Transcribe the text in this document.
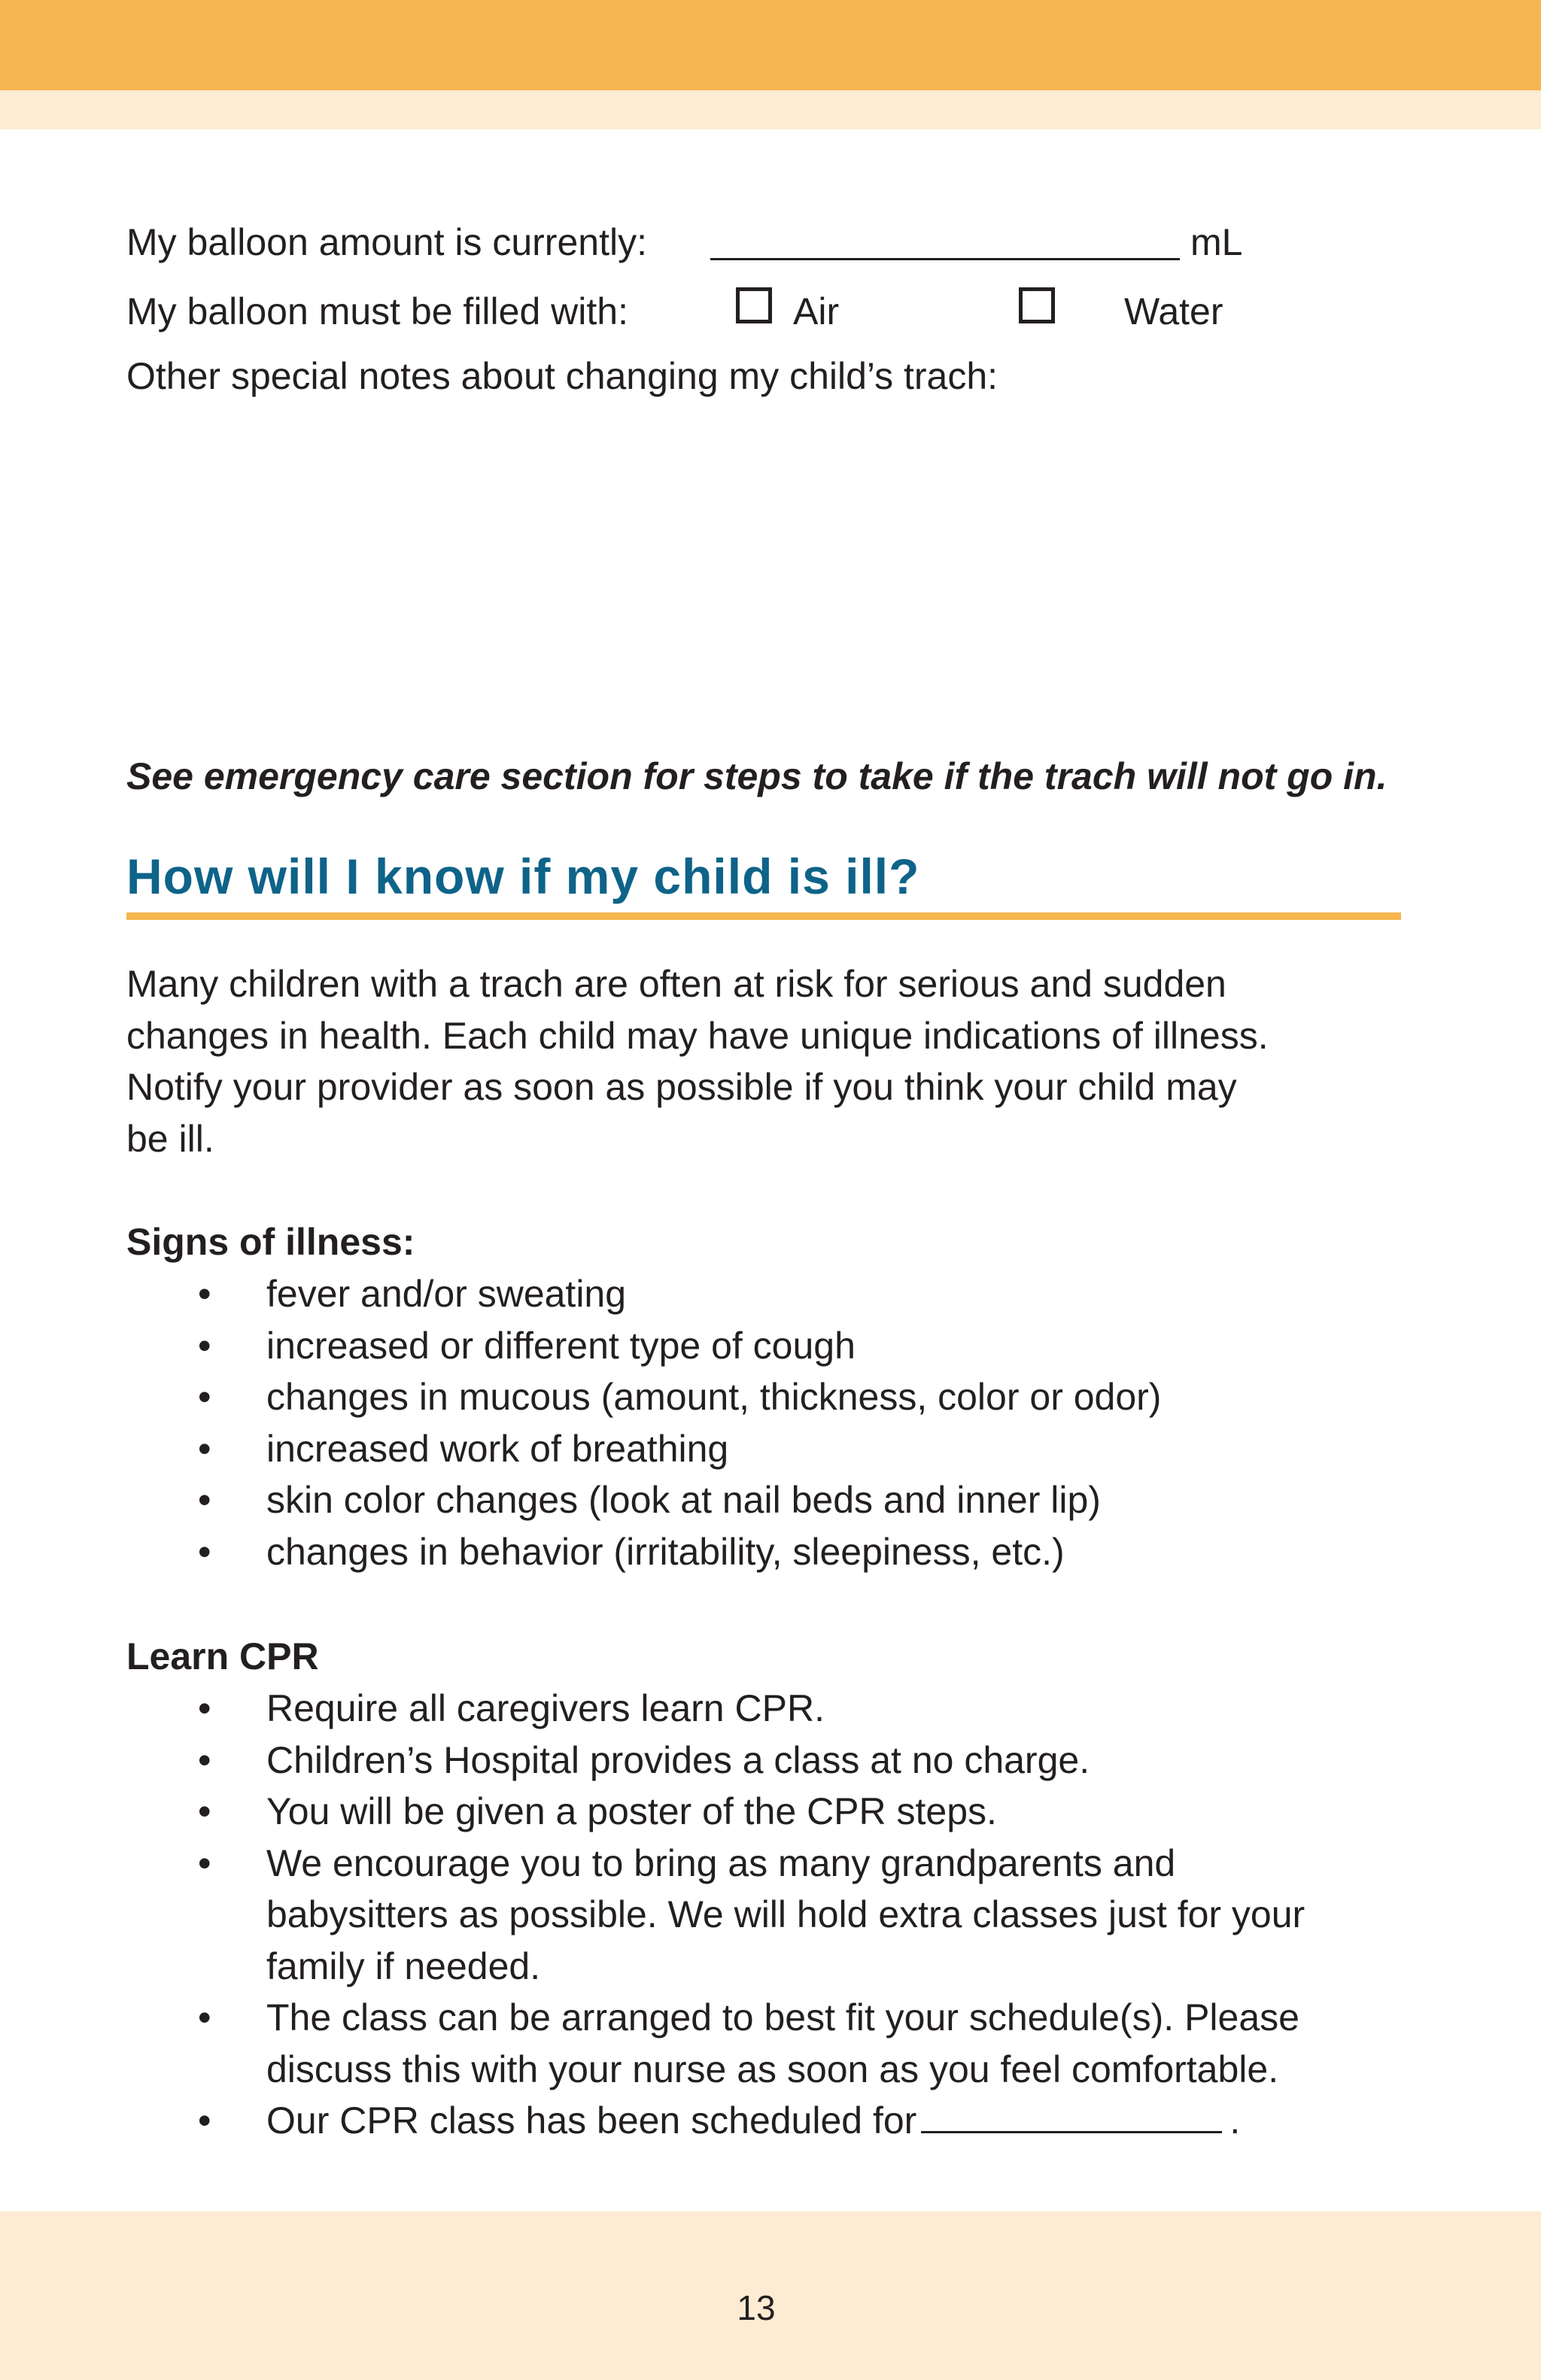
My balloon amount is currently:	mL
My balloon must be filled with:	Air	Water
Other special notes about changing my child’s trach:
See emergency care section for steps to take if the trach will not go in.
How will I know if my child is ill?
Many children with a trach are often at risk for serious and sudden
changes in health. Each child may have unique indications of illness.
Notify your provider as soon as possible if you think your child may
be ill.
Signs of illness:
• fever and/or sweating
• increased or different type of cough
• changes in mucous (amount, thickness, color or odor)
• increased work of breathing
• skin color changes (look at nail beds and inner lip)
• changes in behavior (irritability, sleepiness, etc.)
Learn CPR
• Require all caregivers learn CPR.
• Children’s Hospital provides a class at no charge.
• You will be given a poster of the CPR steps.
• We encourage you to bring as many grandparents and
babysitters as possible. We will hold extra classes just for your
family if needed.
• The class can be arranged to best fit your schedule(s). Please
discuss this with your nurse as soon as you feel comfortable.
• Our CPR class has been scheduled for	.
13
